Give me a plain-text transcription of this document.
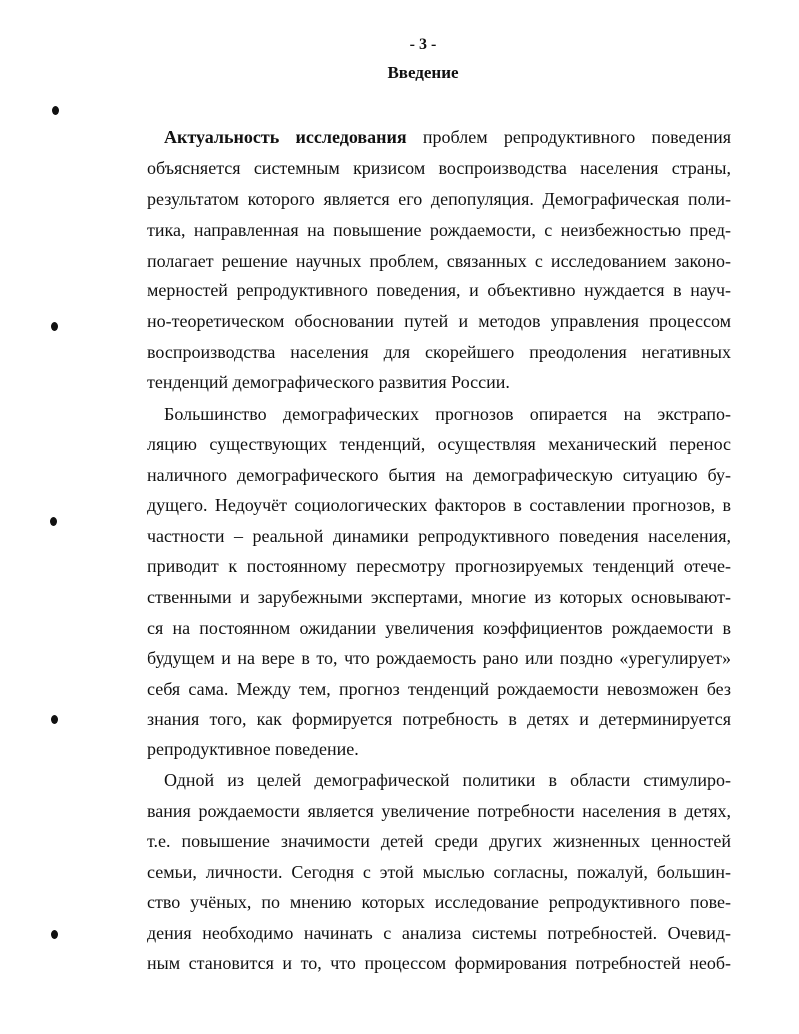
- 3 -
Введение
Актуальность исследования проблем репродуктивного поведения
объясняется системным кризисом воспроизводства населения страны,
результатом которого является его депопуляция. Демографическая поли-
тика, направленная на повышение рождаемости, с неизбежностью пред-
полагает решение научных проблем, связанных с исследованием законо-
мерностей репродуктивного поведения, и объективно нуждается в науч-
но-теоретическом обосновании путей и методов управления процессом
воспроизводства населения для скорейшего преодоления негативных
тенденций демографического развития России.
Большинство демографических прогнозов опирается на экстрапо-
ляцию существующих тенденций, осуществляя механический перенос
наличного демографического бытия на демографическую ситуацию бу-
дущего. Недоучёт социологических факторов в составлении прогнозов, в
частности – реальной динамики репродуктивного поведения населения,
приводит к постоянному пересмотру прогнозируемых тенденций отече-
ственными и зарубежными экспертами, многие из которых основывают-
ся на постоянном ожидании увеличения коэффициентов рождаемости в
будущем и на вере в то, что рождаемость рано или поздно «урегулирует»
себя сама. Между тем, прогноз тенденций рождаемости невозможен без
знания того, как формируется потребность в детях и детерминируется
репродуктивное поведение.
Одной из целей демографической политики в области стимулиро-
вания рождаемости является увеличение потребности населения в детях,
т.е. повышение значимости детей среди других жизненных ценностей
семьи, личности. Сегодня с этой мыслью согласны, пожалуй, большин-
ство учёных, по мнению которых исследование репродуктивного пове-
дения необходимо начинать с анализа системы потребностей. Очевид-
ным становится и то, что процессом формирования потребностей необ-
